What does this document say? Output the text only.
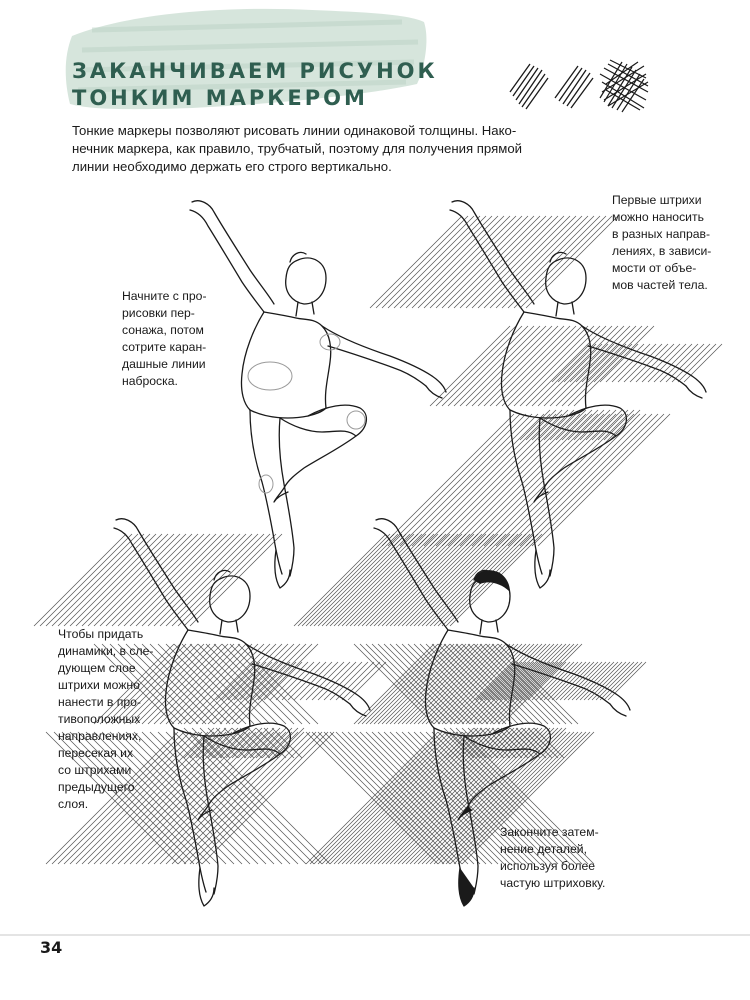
ЗАКАНЧИВАЕМ РИСУНОК
ТОНКИМ МАРКЕРОМ

Тонкие маркеры позволяют рисовать линии одинаковой толщины. Нако-
нечник маркера, как правило, трубчатый, поэтому для получения прямой
линии необходимо держать его строго вертикально.

Начните с про-
рисовки пер-
сонажа, потом
сотрите каран-
дашные линии
наброска.

Первые штрихи
можно наносить
в разных направ-
лениях, в зависи-
мости от объе-
мов частей тела.

Чтобы придать
динамики, в сле-
дующем слое
штрихи можно
нанести в про-
тивоположных
направлениях,
пересекая их
со штрихами
предыдущего
слоя.

Закончите затем-
нение деталей,
используя более
частую штриховку.

34
